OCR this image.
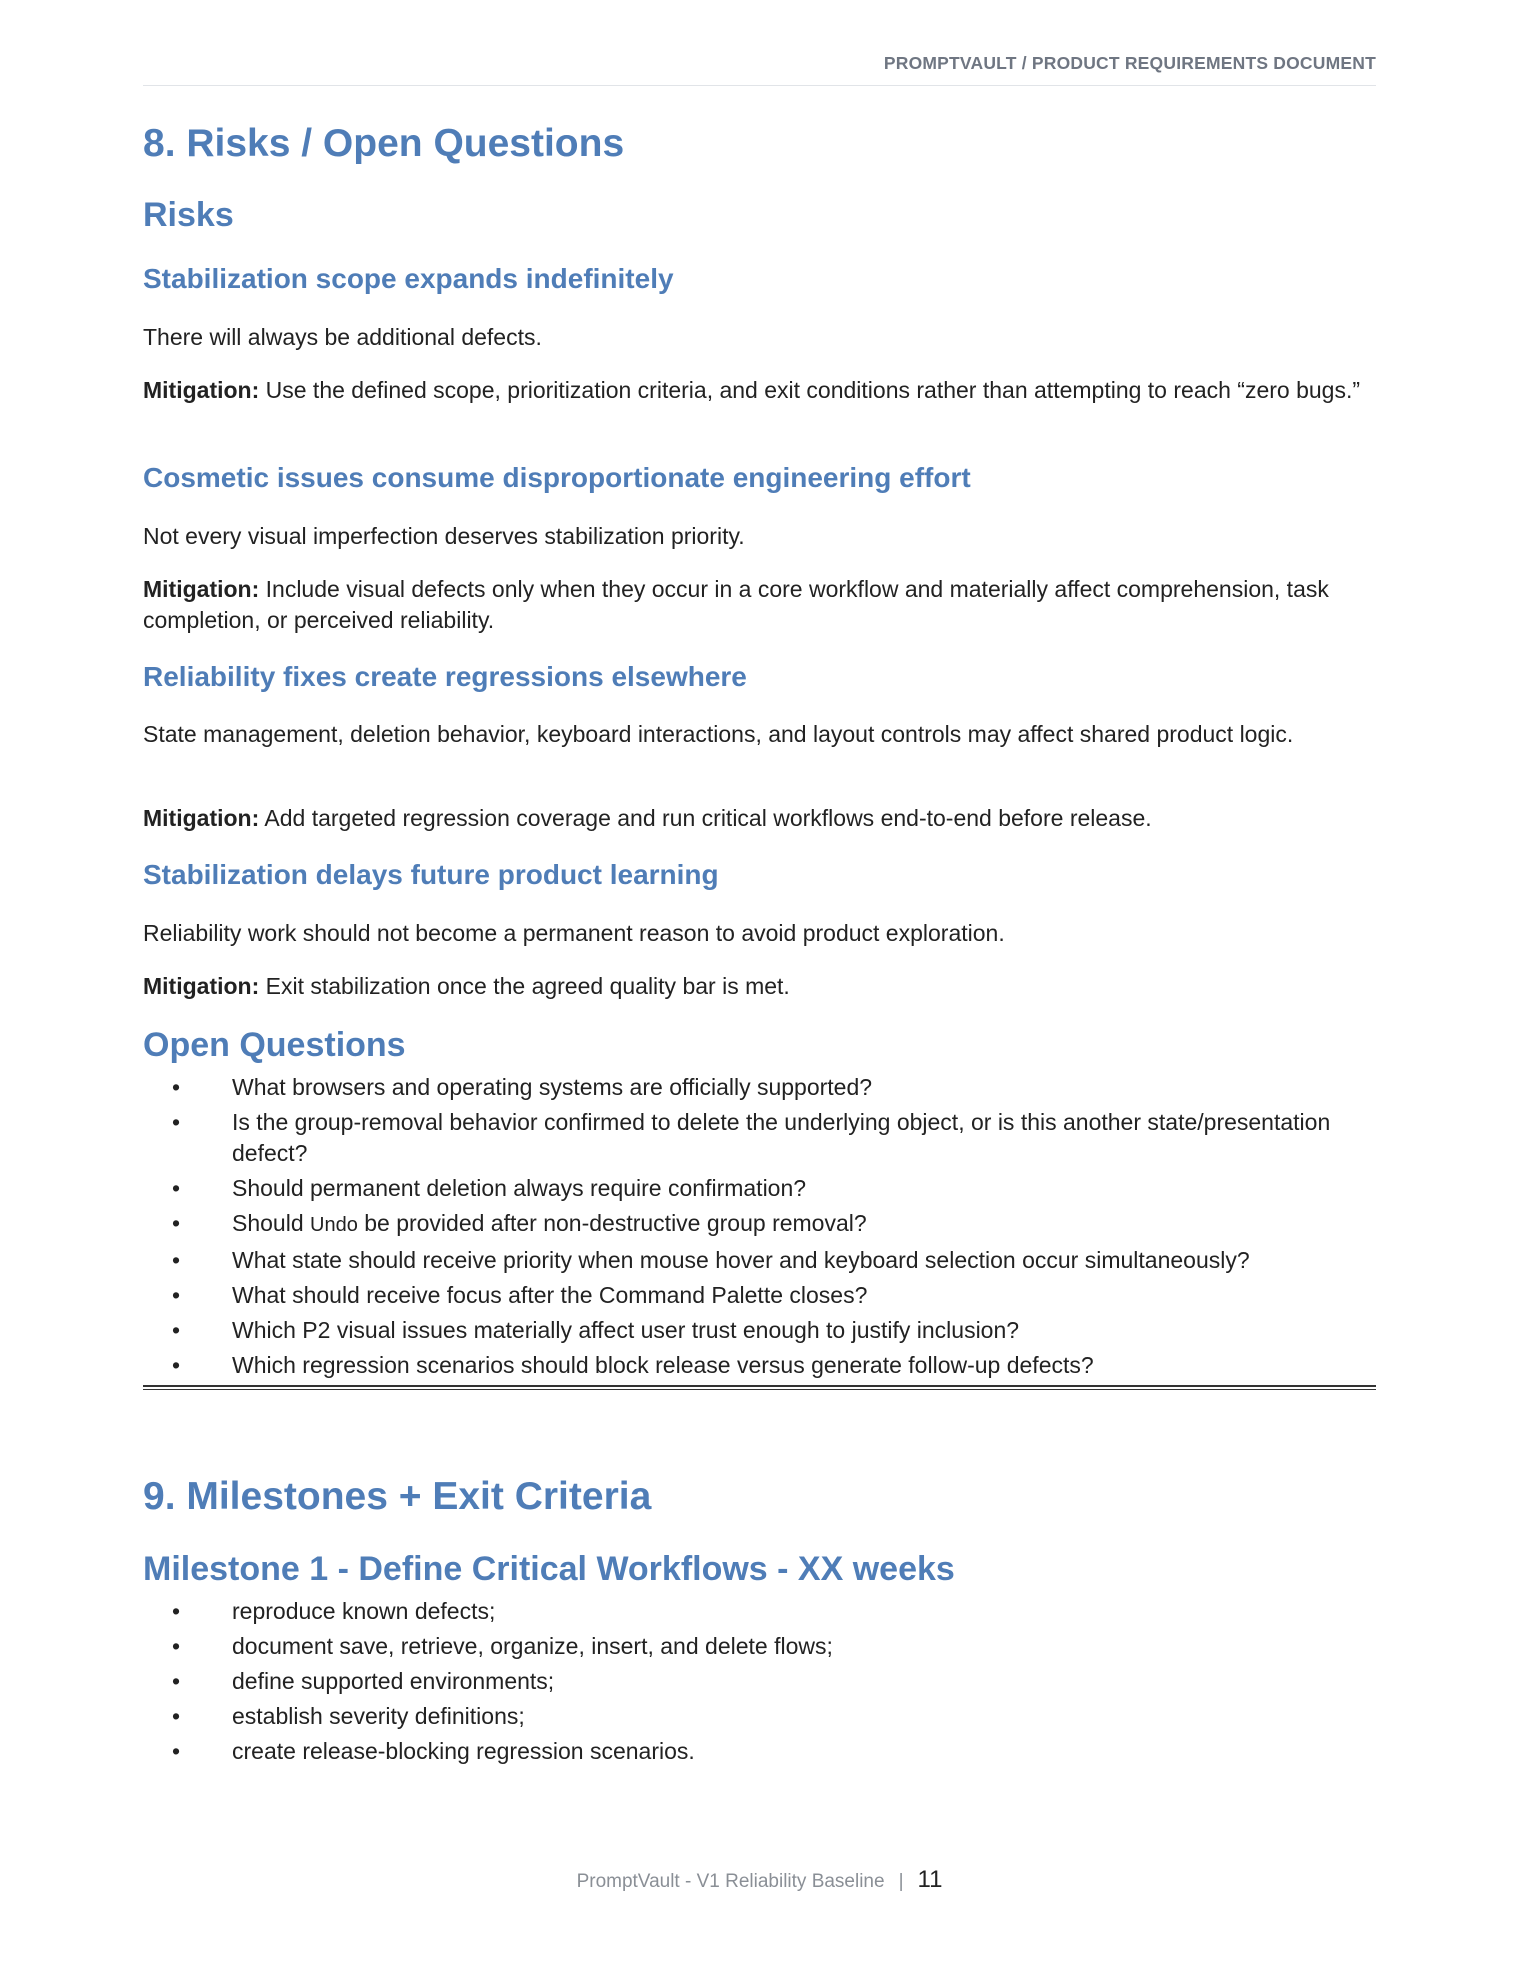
PROMPTVAULT / PRODUCT REQUIREMENTS DOCUMENT
8. Risks / Open Questions
Risks
Stabilization scope expands indefinitely

There will always be additional defects.

Mitigation: Use the defined scope, prioritization criteria, and exit conditions rather than attempting to reach “zero bugs.”

Cosmetic issues consume disproportionate engineering effort

Not every visual imperfection deserves stabilization priority.

Mitigation: Include visual defects only when they occur in a core workflow and materially affect comprehension, task completion, or perceived reliability.

Reliability fixes create regressions elsewhere

State management, deletion behavior, keyboard interactions, and layout controls may affect shared product logic.

Mitigation: Add targeted regression coverage and run critical workflows end-to-end before release.

Stabilization delays future product learning

Reliability work should not become a permanent reason to avoid product exploration.

Mitigation: Exit stabilization once the agreed quality bar is met.

Open Questions
• What browsers and operating systems are officially supported?
• Is the group-removal behavior confirmed to delete the underlying object, or is this another state/presentation defect?
• Should permanent deletion always require confirmation?
• Should Undo be provided after non-destructive group removal?
• What state should receive priority when mouse hover and keyboard selection occur simultaneously?
• What should receive focus after the Command Palette closes?
• Which P2 visual issues materially affect user trust enough to justify inclusion?
• Which regression scenarios should block release versus generate follow-up defects?
9. Milestones + Exit Criteria
Milestone 1 - Define Critical Workflows - XX weeks
• reproduce known defects;
• document save, retrieve, organize, insert, and delete flows;
• define supported environments;
• establish severity definitions;
• create release-blocking regression scenarios.
PromptVault - V1 Reliability Baseline | 11
